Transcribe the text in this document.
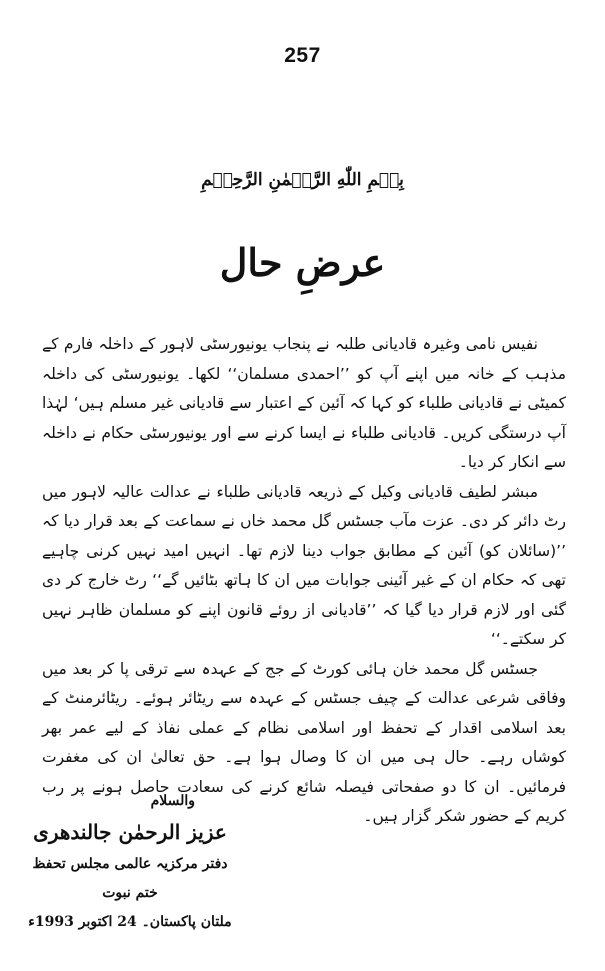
257
بِسۡمِ اللّٰهِ الرَّحۡمٰنِ الرَّحِيۡمِ
عرضِ حال

نفیس نامی وغیرہ قادیانی طلبہ نے پنجاب یونیورسٹی لاہور کے داخلہ فارم کے مذہب کے خانہ میں اپنے آپ کو ’’احمدی مسلمان‘‘ لکھا۔ یونیورسٹی کی داخلہ کمیٹی نے قادیانی طلباء کو کہا کہ آئین کے اعتبار سے قادیانی غیر مسلم ہیں‘ لہٰذا آپ درستگی کریں۔ قادیانی طلباء نے ایسا کرنے سے اور یونیورسٹی حکام نے داخلہ سے انکار کر دیا۔

مبشر لطیف قادیانی وکیل کے ذریعہ قادیانی طلباء نے عدالت عالیہ لاہور میں رٹ دائر کر دی۔ عزت مآب جسٹس گل محمد خاں نے سماعت کے بعد قرار دیا کہ ’’(سائلان کو) آئین کے مطابق جواب دینا لازم تھا۔ انہیں امید نہیں کرنی چاہیے تھی کہ حکام ان کے غیر آئینی جوابات میں ان کا ہاتھ بٹائیں گے‘‘ رٹ خارج کر دی گئی اور لازم قرار دیا گیا کہ ’’قادیانی از روئے قانون اپنے کو مسلمان ظاہر نہیں کر سکتے۔‘‘

جسٹس گل محمد خان ہائی کورٹ کے جج کے عہدہ سے ترقی پا کر بعد میں وفاقی شرعی عدالت کے چیف جسٹس کے عہدہ سے ریٹائر ہوئے۔ ریٹائرمنٹ کے بعد اسلامی اقدار کے تحفظ اور اسلامی نظام کے عملی نفاذ کے لیے عمر بھر کوشاں رہے۔ حال ہی میں ان کا وصال ہوا ہے۔ حق تعالیٰ ان کی مغفرت فرمائیں۔ ان کا دو صفحاتی فیصلہ شائع کرنے کی سعادت حاصل ہونے پر رب کریم کے حضور شکر گزار ہیں۔

والسلام
عزیز الرحمٰن جالندھری
دفتر مرکزیہ عالمی مجلس تحفظ ختم نبوت
ملتان پاکستان۔ 24 اکتوبر 1993ء
